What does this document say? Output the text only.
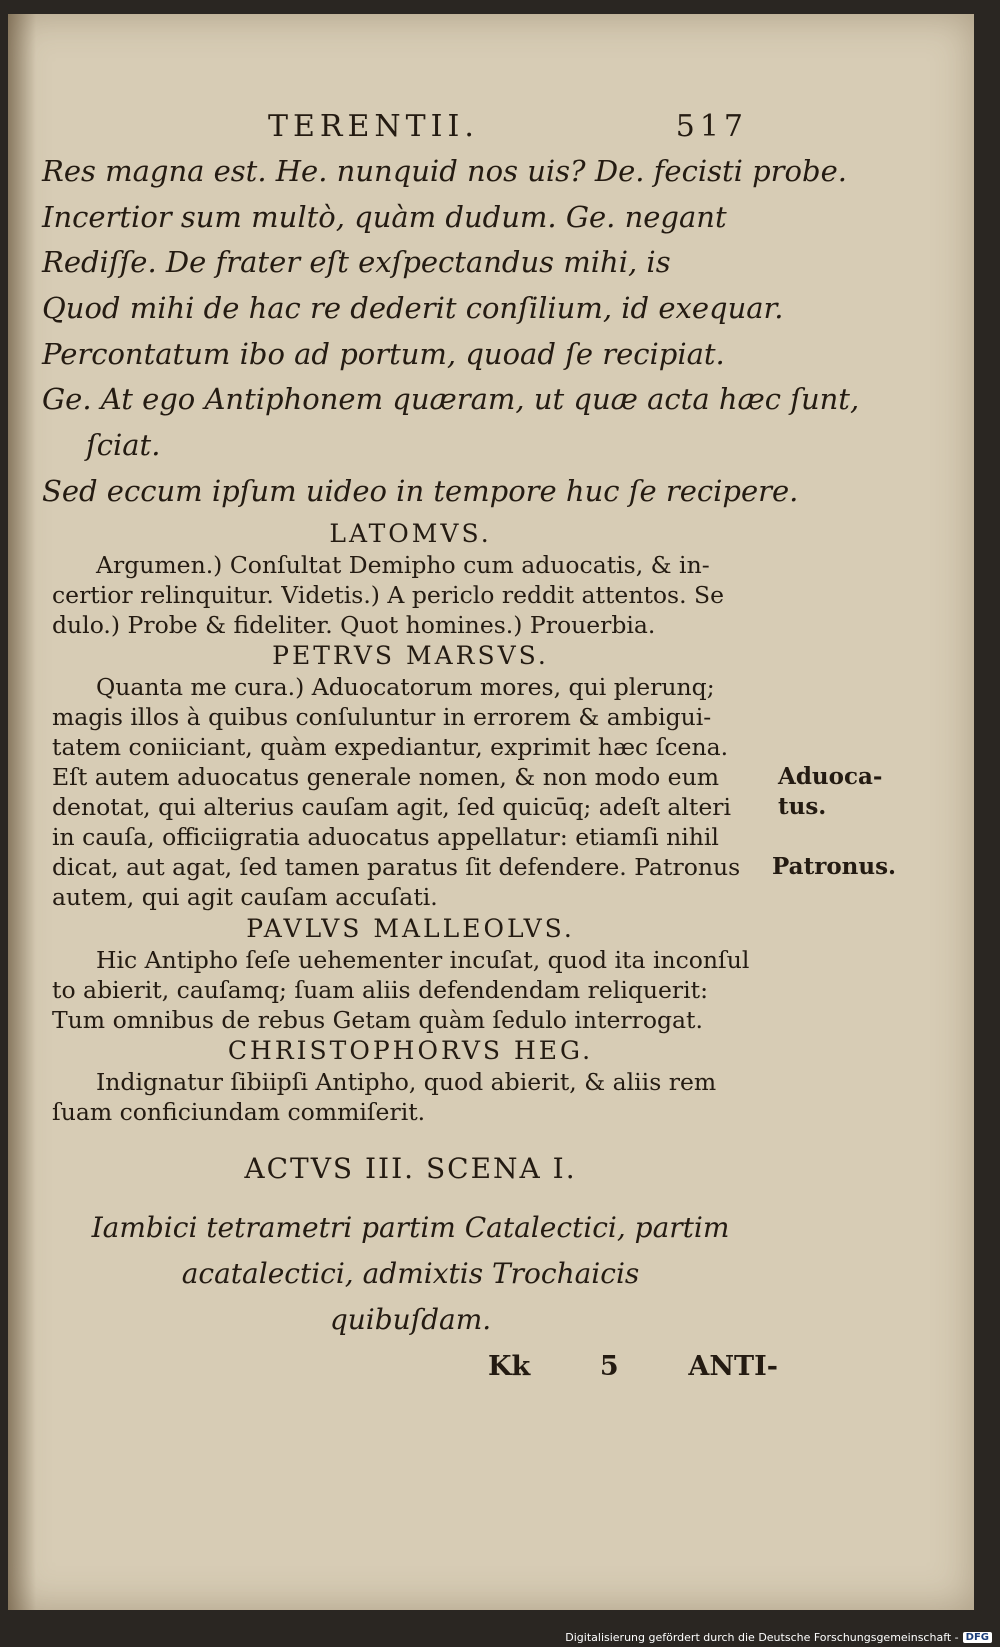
TERENTII.	517
Res magna est. He. nunquid nos uis? De. fecisti probe.
Incertior sum multò, quàm dudum. Ge. negant
Rediſſe. De frater eſt exſpectandus mihi, is
Quod mihi de hac re dederit conſilium, id exequar.
Percontatum ibo ad portum, quoad ſe recipiat.
Ge. At ego Antiphonem quæram, ut quæ acta hæc ſunt,
ſciat.
Sed eccum ipſum uideo in tempore huc ſe recipere.
LATOMVS.
Argumen.) Conſultat Demipho cum aduocatis, & in-
certior relinquitur. Videtis.) A periclo reddit attentos. Se
dulo.) Probe & fideliter. Quot homines.) Prouerbia.
PETRVS MARSVS.
Quanta me cura.) Aduocatorum mores, qui plerunq;
magis illos à quibus conſuluntur in errorem & ambigui-
tatem coniiciant, quàm expediantur, exprimit hæc ſcena.
Eſt autem aduocatus generale nomen, & non modo eum
denotat, qui alterius cauſam agit, ſed quicūq; adeſt alteri
in cauſa, officiigratia aduocatus appellatur: etiamſi nihil
dicat, aut agat, ſed tamen paratus ſit defendere. Patronus
autem, qui agit cauſam accuſati.
Aduoca-
tus.
Patronus.
PAVLVS MALLEOLVS.
Hic Antipho ſeſe uehementer incuſat, quod ita inconſul
to abierit, cauſamq; ſuam aliis defendendam reliquerit:
Tum omnibus de rebus Getam quàm ſedulo interrogat.
CHRISTOPHORVS HEG.
Indignatur ſibiipſi Antipho, quod abierit, & aliis rem
ſuam conficiundam commiſerit.
ACTVS III. SCENA I.
Iambici tetrametri partim Catalectici, partim
acatalectici, admixtis Trochaicis
quibuſdam.
Kk	5	ANTI-
Digitalisierung gefördert durch die Deutsche Forschungsgemeinschaft - DFG
